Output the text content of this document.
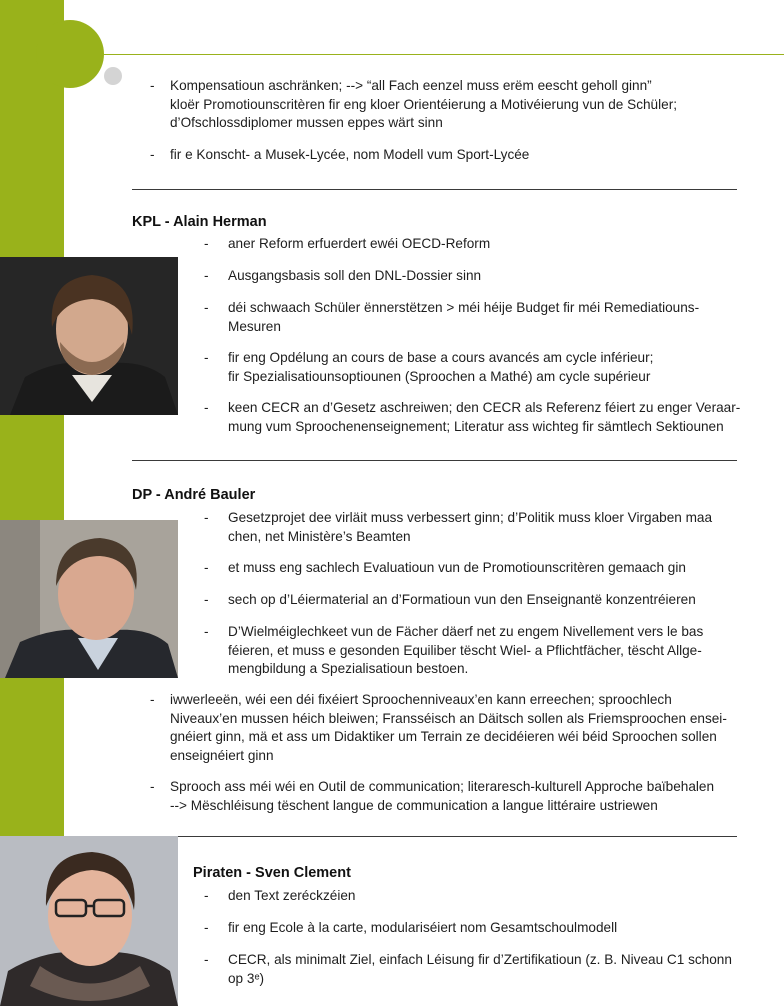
- Kompensatioun aschränken; --> “all Fach eenzel muss erëm eescht geholl ginn”
kloër Promotiounscritèren fir eng kloer Orientéierung a Motivéierung vun de Schüler;
d’Ofschlossdiplomer mussen eppes wärt sinn
- fir e Konscht- a Musek-Lycée, nom Modell vum Sport-Lycée
KPL - Alain Herman
- aner Reform erfuerdert ewéi OECD-Reform
- Ausgangsbasis soll den DNL-Dossier sinn
- déi schwaach Schüler ënnerstëtzen > méi héije Budget fir méi Remediatiouns-
Mesuren
- fir eng Opdélung an cours de base a cours avancés am cycle inférieur;
fir Spezialisatiounsoptiounen (Sproochen a Mathé) am cycle supérieur
- keen CECR an d’Gesetz aschreiwen; den CECR als Referenz féiert zu enger Veraar-
mung vum Sproochenenseignement; Literatur ass wichteg fir sämtlech Sektiounen
DP - André Bauler
- Gesetzprojet dee virläit muss verbessert ginn; d’Politik muss kloer Virgaben maa
chen, net Ministère’s Beamten
- et muss eng sachlech Evaluatioun vun de Promotiounscritèren gemaach gin
- sech op d’Léiermaterial an d’Formatioun vun den Enseignantë konzentréieren
- D’Wielméiglechkeet vun de Fächer däerf net zu engem Nivellement vers le bas
féieren, et muss e gesonden Equiliber tëscht Wiel- a Pflichtfächer, tëscht Allge-
mengbildung a Spezialisatioun bestoen.
- iwwerleeën, wéi een déi fixéiert Sproochenniveaux’en kann erreechen; sproochlech
Niveaux’en mussen héich bleiwen; Fransséisch an Däitsch sollen als Friemsproochen ensei-
gnéiert ginn, mä et ass um Didaktiker um Terrain ze decidéieren wéi béid Sproochen sollen
enseignéiert ginn
- Sprooch ass méi wéi en Outil de communication; literaresch-kulturell Approche baïbehalen
--> Mëschléisung tëschent langue de communication a langue littéraire ustriewen
Piraten - Sven Clement
- den Text zeréckzéien
- fir eng Ecole à la carte, modulariséiert nom Gesamtschoulmodell
- CECR, als minimalt Ziel, einfach Léisung fir d’Zertifikatioun (z. B. Niveau C1 schonn
op 3ᵉ)
